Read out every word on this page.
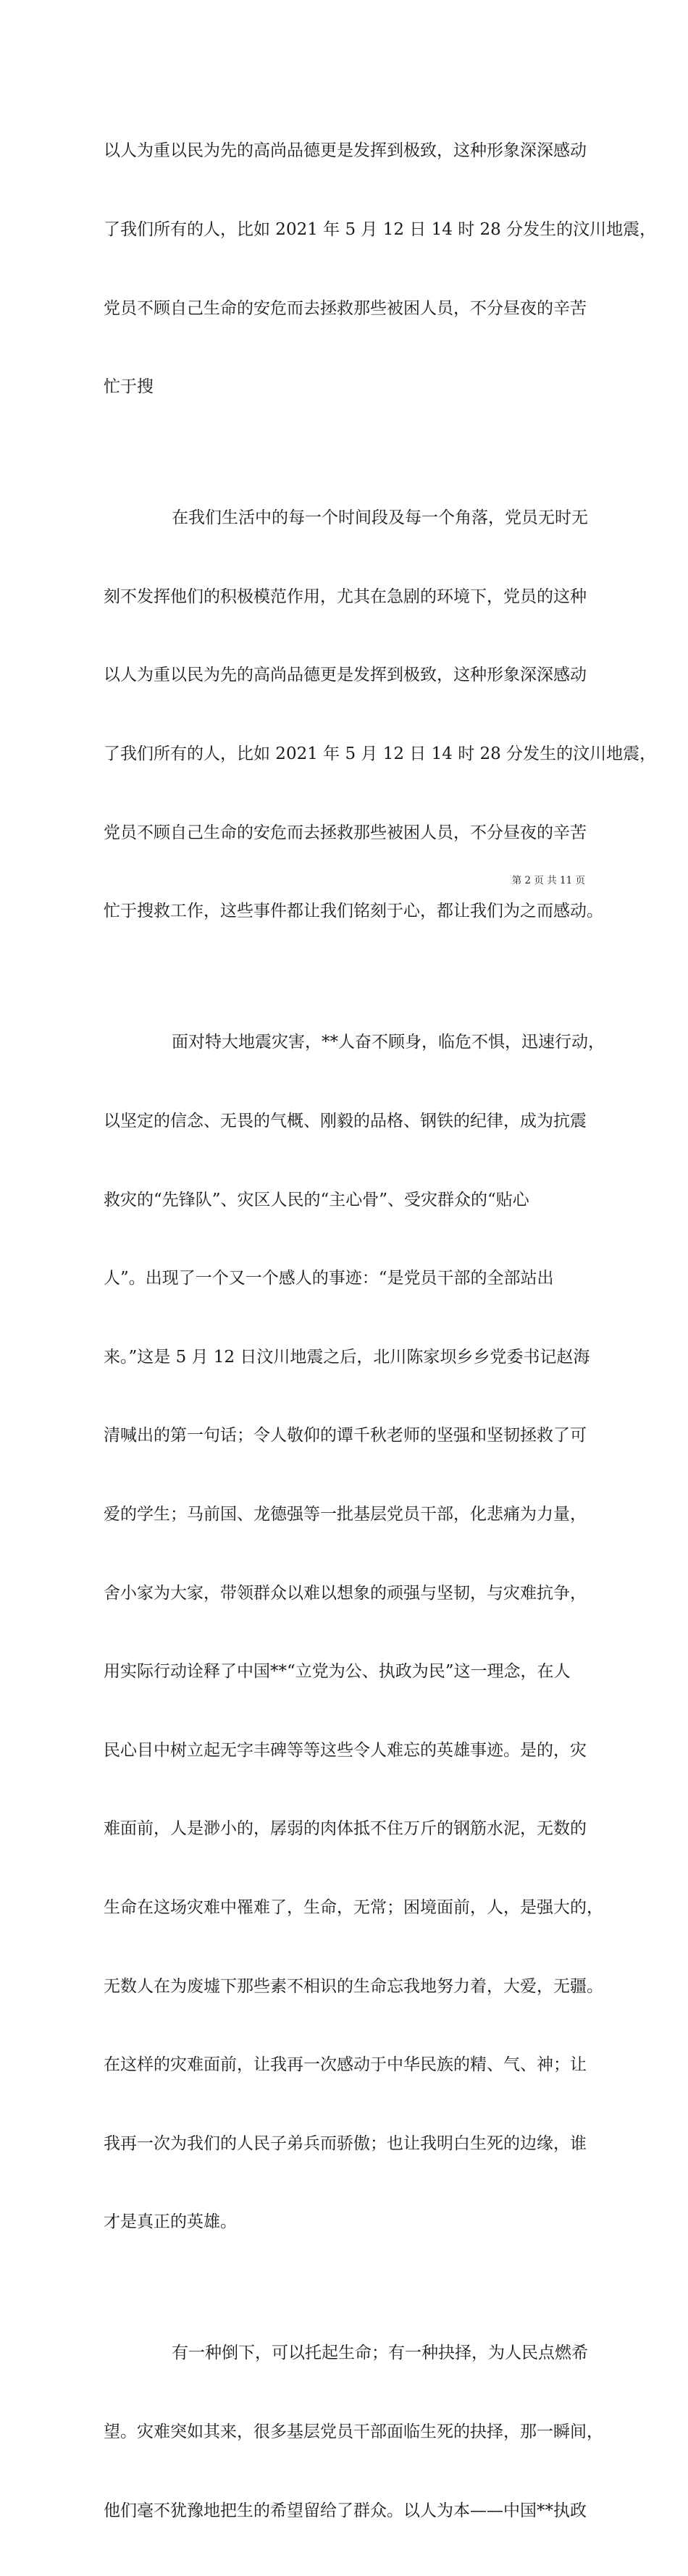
以人为重以民为先的高尚品德更是发挥到极致，这种形象深深感动

了我们所有的人，比如 2021 年 5 月 12 日 14 时 28 分发生的汶川地震，

党员不顾自己生命的安危而去拯救那些被困人员，不分昼夜的辛苦

忙于搜

在我们生活中的每一个时间段及每一个角落，党员无时无

刻不发挥他们的积极模范作用，尤其在急剧的环境下，党员的这种

以人为重以民为先的高尚品德更是发挥到极致，这种形象深深感动

了我们所有的人，比如 2021 年 5 月 12 日 14 时 28 分发生的汶川地震，

党员不顾自己生命的安危而去拯救那些被困人员，不分昼夜的辛苦

忙于搜救工作，这些事件都让我们铭刻于心，都让我们为之而感动。

面对特大地震灾害，**人奋不顾身，临危不惧，迅速行动，

以坚定的信念、无畏的气概、刚毅的品格、钢铁的纪律，成为抗震

救灾的“先锋队”、灾区人民的“主心骨”、受灾群众的“贴心

人”。出现了一个又一个感人的事迹：“是党员干部的全部站出

来。”这是 5 月 12 日汶川地震之后，北川陈家坝乡乡党委书记赵海

清喊出的第一句话；令人敬仰的谭千秋老师的坚强和坚韧拯救了可

爱的学生；马前国、龙德强等一批基层党员干部，化悲痛为力量，

舍小家为大家，带领群众以难以想象的顽强与坚韧，与灾难抗争，

用实际行动诠释了中国**“立党为公、执政为民”这一理念，在人

民心目中树立起无字丰碑等等这些令人难忘的英雄事迹。是的，灾

难面前，人是渺小的，孱弱的肉体抵不住万斤的钢筋水泥，无数的

生命在这场灾难中罹难了，生命，无常；困境面前，人，是强大的，

无数人在为废墟下那些素不相识的生命忘我地努力着，大爱，无疆。

在这样的灾难面前，让我再一次感动于中华民族的精、气、神；让

我再一次为我们的人民子弟兵而骄傲；也让我明白生死的边缘，谁

才是真正的英雄。

有一种倒下，可以托起生命；有一种抉择，为人民点燃希

望。灾难突如其来，很多基层党员干部面临生死的抉择，那一瞬间，

他们毫不犹豫地把生的希望留给了群众。以人为本——中国**执政

第 2 页 共 11 页
